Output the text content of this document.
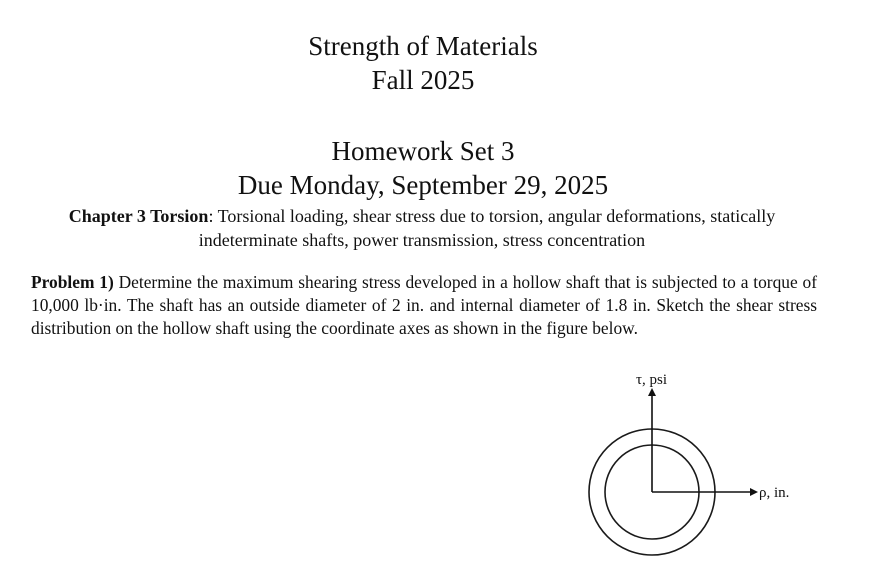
Strength of Materials
Fall 2025
Homework Set 3
Due Monday, September 29, 2025
Chapter 3 Torsion: Torsional loading, shear stress due to torsion, angular deformations, statically indeterminate shafts, power transmission, stress concentration
Problem 1) Determine the maximum shearing stress developed in a hollow shaft that is subjected to a torque of 10,000 lb·in. The shaft has an outside diameter of 2 in. and internal diameter of 1.8 in. Sketch the shear stress distribution on the hollow shaft using the coordinate axes as shown in the figure below.
τ, psi
ρ, in.
